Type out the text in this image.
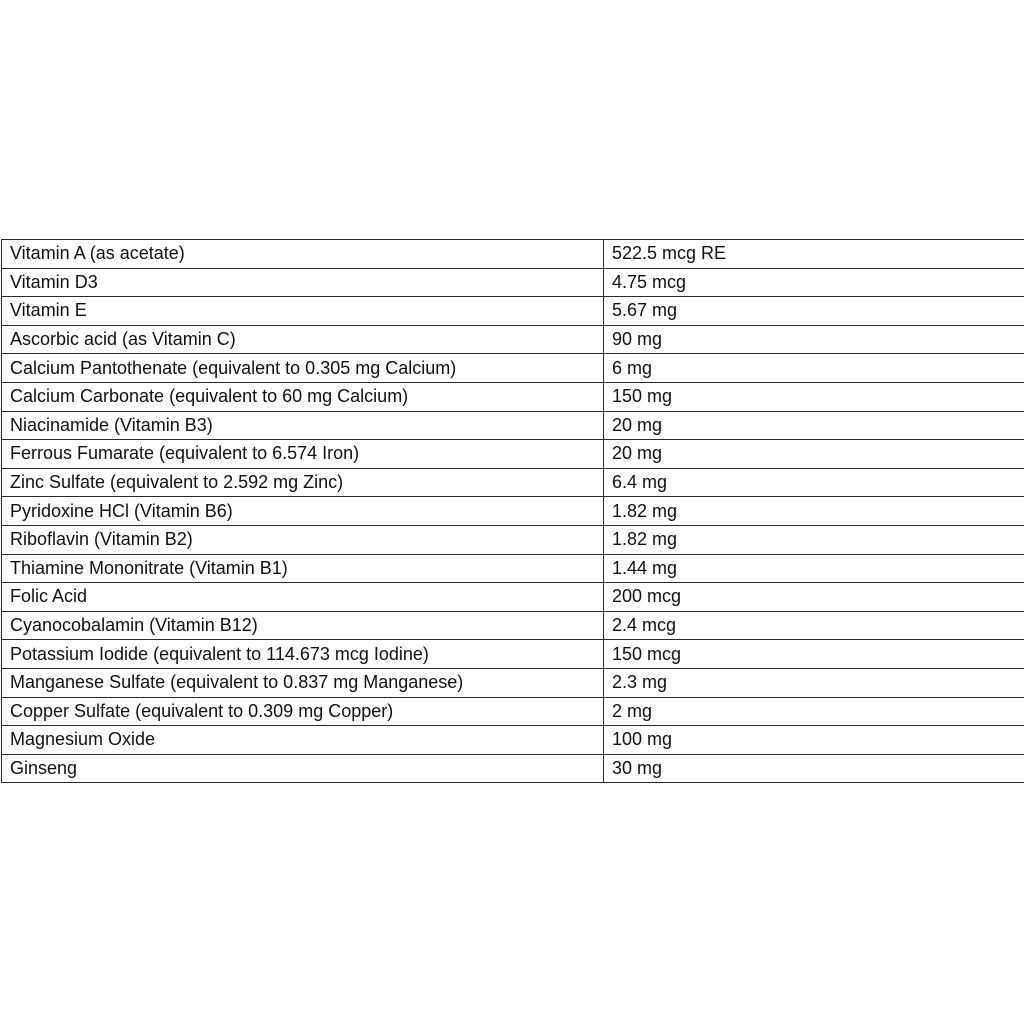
Vitamin A (as acetate)	522.5 mcg RE
Vitamin D3	4.75 mcg
Vitamin E	5.67 mg
Ascorbic acid (as Vitamin C)	90 mg
Calcium Pantothenate (equivalent to 0.305 mg Calcium)	6 mg
Calcium Carbonate (equivalent to 60 mg Calcium)	150 mg
Niacinamide (Vitamin B3)	20 mg
Ferrous Fumarate (equivalent to 6.574 Iron)	20 mg
Zinc Sulfate (equivalent to 2.592 mg Zinc)	6.4 mg
Pyridoxine HCl (Vitamin B6)	1.82 mg
Riboflavin (Vitamin B2)	1.82 mg
Thiamine Mononitrate (Vitamin B1)	1.44 mg
Folic Acid	200 mcg
Cyanocobalamin (Vitamin B12)	2.4 mcg
Potassium Iodide (equivalent to 114.673 mcg Iodine)	150 mcg
Manganese Sulfate (equivalent to 0.837 mg Manganese)	2.3 mg
Copper Sulfate (equivalent to 0.309 mg Copper)	2 mg
Magnesium Oxide	100 mg
Ginseng	30 mg
